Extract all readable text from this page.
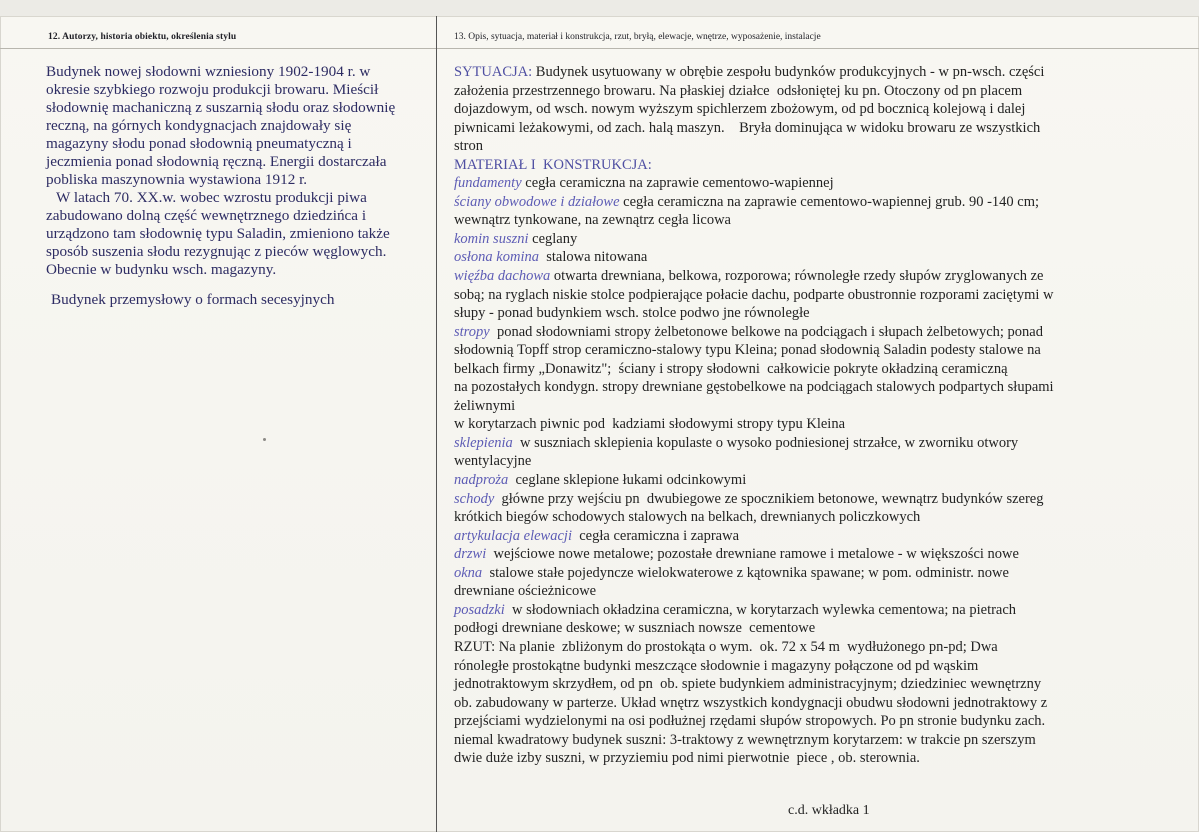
12. Autorzy, historia obiektu, określenia stylu

Budynek nowej słodowni wzniesiony 1902-1904 r. w

okresie szybkiego rozwoju produkcji browaru. Mieścił

słodownię machaniczną z suszarnią słodu oraz słodownię

reczną, na górnych kondygnacjach znajdowały się

magazyny słodu ponad słodownią pneumatyczną i

jeczmienia ponad słodownią ręczną. Energii dostarczała

pobliska maszynownia wystawiona 1912 r.

W latach 70. XX.w. wobec wzrostu produkcji piwa

zabudowano dolną część wewnętrznego dziedzińca i

urządzono tam słodownię typu Saladin, zmieniono także

sposób suszenia słodu rezygnując z pieców węglowych.

Obecnie w budynku wsch. magazyny.

Budynek przemysłowy o formach secesyjnych

13. Opis, sytuacja, materiał i konstrukcja, rzut, bryłą, elewacje, wnętrze, wyposażenie, instalacje
SYTUACJA: Budynek usytuowany w obrębie zespołu budynków produkcyjnych - w pn-wsch. części
założenia przestrzennego browaru. Na płaskiej działce  odsłoniętej ku pn. Otoczony od pn placem
dojazdowym, od wsch. nowym wyższym spichlerzem zbożowym, od pd bocznicą kolejową i dalej
piwnicami leżakowymi, od zach. halą maszyn.    Bryła dominująca w widoku browaru ze wszystkich
stron
MATERIAŁ I  KONSTRUKCJA:
fundamenty cegła ceramiczna na zaprawie cementowo-wapiennej
ściany obwodowe i działowe cegła ceramiczna na zaprawie cementowo-wapiennej grub. 90 -140 cm;
wewnątrz tynkowane, na zewnątrz cegła licowa
komin suszni ceglany
osłona komina  stalowa nitowana
więźba dachowa otwarta drewniana, belkowa, rozporowa; równoległe rzedy słupów zryglowanych ze
sobą; na ryglach niskie stolce podpierające połacie dachu, podparte obustronnie rozporami zaciętymi w
słupy - ponad budynkiem wsch. stolce podwo jne równoległe
stropy  ponad słodowniami stropy żelbetonowe belkowe na podciągach i słupach żelbetowych; ponad
słodownią Topff strop ceramiczno-stalowy typu Kleina; ponad słodownią Saladin podesty stalowe na
belkach firmy „Donawitz";  ściany i stropy słodowni  całkowicie pokryte okładziną ceramiczną
na pozostałych kondygn. stropy drewniane gęstobelkowe na podciągach stalowych podpartych słupami
żeliwnymi
w korytarzach piwnic pod  kadziami słodowymi stropy typu Kleina
sklepienia  w suszniach sklepienia kopulaste o wysoko podniesionej strzałce, w zworniku otwory
wentylacyjne
nadproża  ceglane sklepione łukami odcinkowymi
schody  główne przy wejściu pn  dwubiegowe ze spocznikiem betonowe, wewnątrz budynków szereg
krótkich biegów schodowych stalowych na belkach, drewnianych policzkowych
artykulacja elewacji  cegła ceramiczna i zaprawa
drzwi  wejściowe nowe metalowe; pozostałe drewniane ramowe i metalowe - w większości nowe
okna  stalowe stałe pojedyncze wielokwaterowe z kątownika spawane; w pom. odministr. nowe
drewniane ościeżnicowe
posadzki  w słodowniach okładzina ceramiczna, w korytarzach wylewka cementowa; na pietrach
podłogi drewniane deskowe; w suszniach nowsze  cementowe
RZUT: Na planie  zbliżonym do prostokąta o wym.  ok. 72 x 54 m  wydłużonego pn-pd; Dwa
rónoległe prostokątne budynki meszczące słodownie i magazyny połączone od pd wąskim
jednotraktowym skrzydłem, od pn  ob. spiete budynkiem administracyjnym; dziedziniec wewnętrzny
ob. zabudowany w parterze. Układ wnętrz wszystkich kondygnacji obudwu słodowni jednotraktowy z
przejściami wydzielonymi na osi podłużnej rzędami słupów stropowych. Po pn stronie budynku zach.
niemal kwadratowy budynek suszni: 3-traktowy z wewnętrznym korytarzem: w trakcie pn szerszym
dwie duże izby suszni, w przyziemiu pod nimi pierwotnie  piece , ob. sterownia.
c.d. wkładka 1
